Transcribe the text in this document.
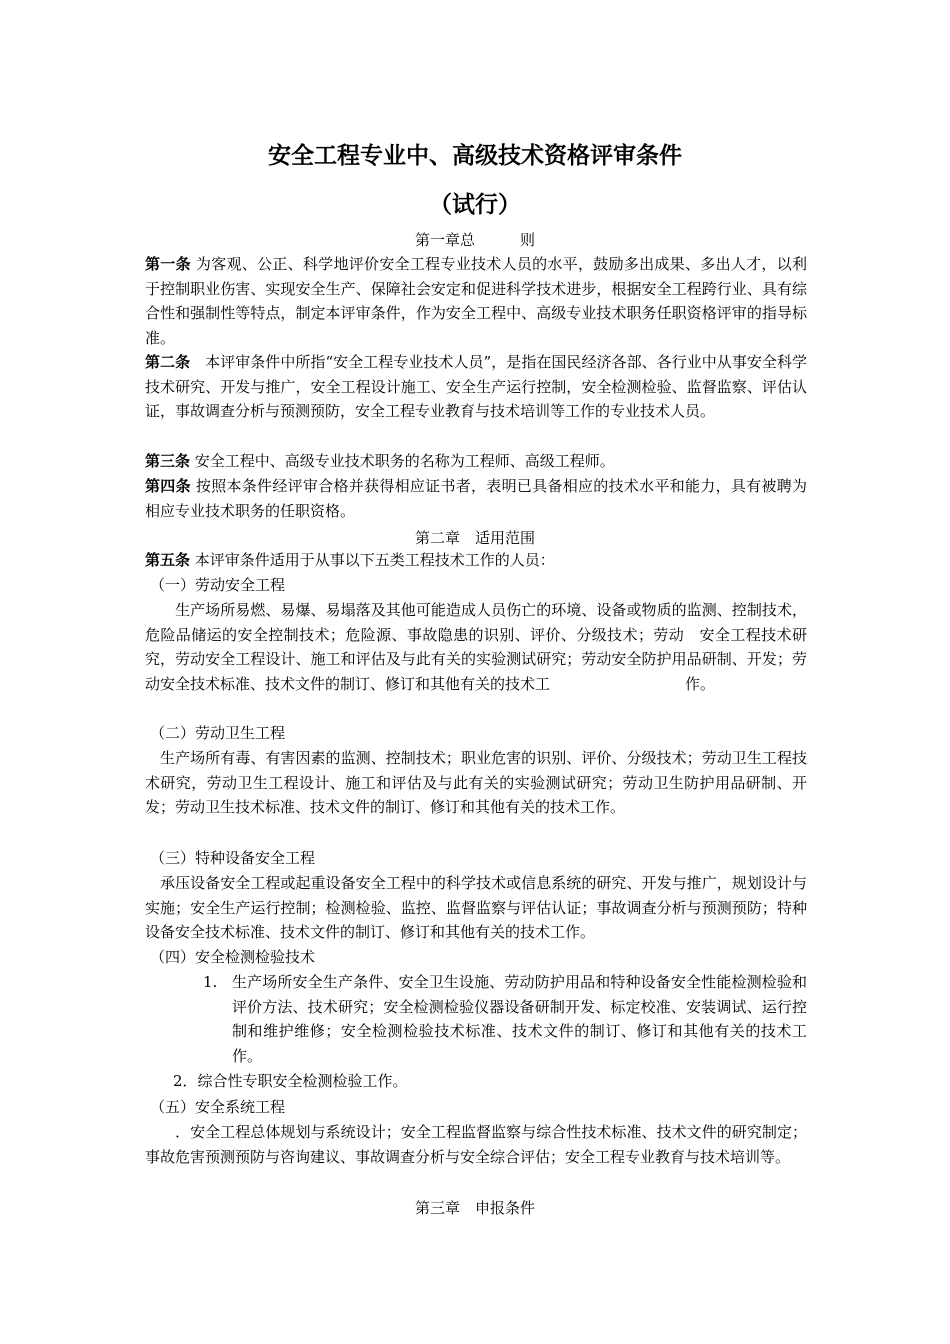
安全工程专业中、高级技术资格评审条件
（试行）
第一章总　　　则
第一条 为客观、公正、科学地评价安全工程专业技术人员的水平，鼓励多出成果、多出人才，以利于控制职业伤害、实现安全生产、保障社会安定和促进科学技术进步，根据安全工程跨行业、具有综合性和强制性等特点，制定本评审条件，作为安全工程中、高级专业技术职务任职资格评审的指导标准。
第二条　本评审条件中所指“安全工程专业技术人员”，是指在国民经济各部、各行业中从事安全科学技术研究、开发与推广，安全工程设计施工、安全生产运行控制，安全检测检验、监督监察、评估认证，事故调查分析与预测预防，安全工程专业教育与技术培训等工作的专业技术人员。
第三条 安全工程中、高级专业技术职务的名称为工程师、高级工程师。
第四条 按照本条件经评审合格并获得相应证书者，表明已具备相应的技术水平和能力，具有被聘为相应专业技术职务的任职资格。
第二章　适用范围
第五条 本评审条件适用于从事以下五类工程技术工作的人员：
（一）劳动安全工程
　　生产场所易燃、易爆、易塌落及其他可能造成人员伤亡的环境、设备或物质的监测、控制技术，危险品储运的安全控制技术；危险源、事故隐患的识别、评价、分级技术；劳动　安全工程技术研究，劳动安全工程设计、施工和评估及与此有关的实验测试研究；劳动安全防护用品研制、开发；劳动安全技术标准、技术文件的制订、修订和其他有关的技术工　　　　　　　　　作。
（二）劳动卫生工程
　生产场所有毒、有害因素的监测、控制技术；职业危害的识别、评价、分级技术；劳动卫生工程技术研究，劳动卫生工程设计、施工和评估及与此有关的实验测试研究；劳动卫生防护用品研制、开发；劳动卫生技术标准、技术文件的制订、修订和其他有关的技术工作。
（三）特种设备安全工程
　承压设备安全工程或起重设备安全工程中的科学技术或信息系统的研究、开发与推广，规划设计与实施；安全生产运行控制；检测检验、监控、监督监察与评估认证；事故调查分析与预测预防；特种设备安全技术标准、技术文件的制订、修订和其他有关的技术工作。
（四）安全检测检验技术
1. 生产场所安全生产条件、安全卫生设施、劳动防护用品和特种设备安全性能检测检验和评价方法、技术研究；安全检测检验仪器设备研制开发、标定校准、安装调试、运行控制和维护维修；安全检测检验技术标准、技术文件的制订、修订和其他有关的技术工作。
2．综合性专职安全检测检验工作。
（五）安全系统工程
　　．安全工程总体规划与系统设计；安全工程监督监察与综合性技术标准、技术文件的研究制定；事故危害预测预防与咨询建议、事故调查分析与安全综合评估；安全工程专业教育与技术培训等。
第三章　申报条件
